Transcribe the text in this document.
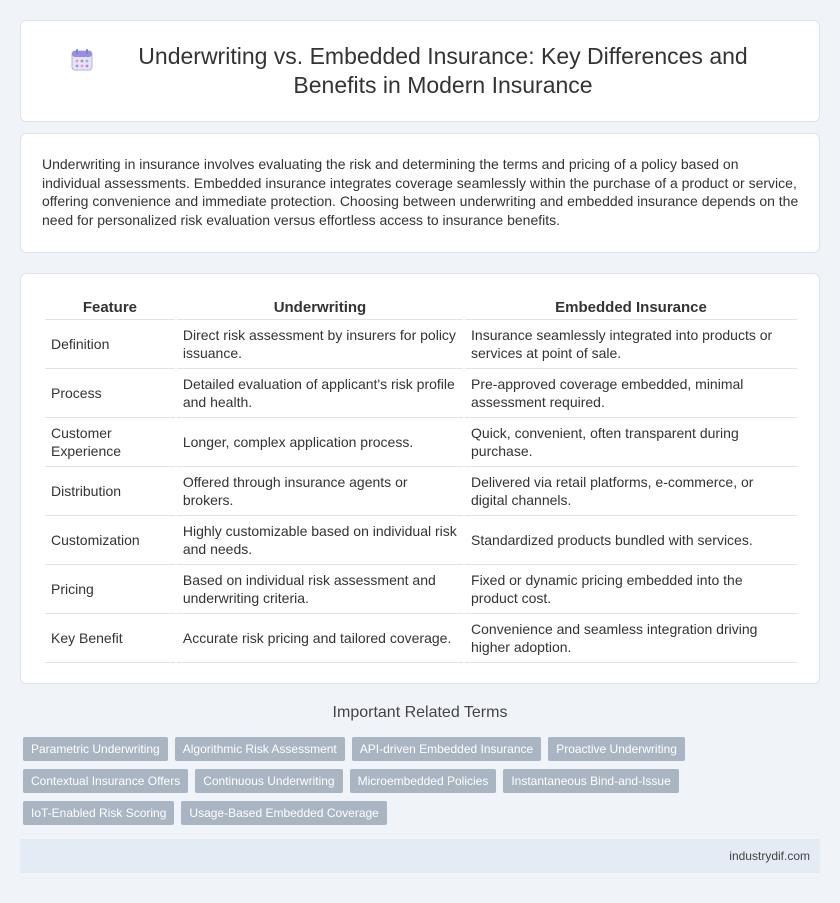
Underwriting vs. Embedded Insurance: Key Differences and Benefits in Modern Insurance

Underwriting in insurance involves evaluating the risk and determining the terms and pricing of a policy based on individual assessments. Embedded insurance integrates coverage seamlessly within the purchase of a product or service, offering convenience and immediate protection. Choosing between underwriting and embedded insurance depends on the need for personalized risk evaluation versus effortless access to insurance benefits.

Feature	Underwriting	Embedded Insurance
Definition	Direct risk assessment by insurers for policy issuance.	Insurance seamlessly integrated into products or services at point of sale.
Process	Detailed evaluation of applicant's risk profile and health.	Pre-approved coverage embedded, minimal assessment required.
Customer Experience	Longer, complex application process.	Quick, convenient, often transparent during purchase.
Distribution	Offered through insurance agents or brokers.	Delivered via retail platforms, e-commerce, or digital channels.
Customization	Highly customizable based on individual risk and needs.	Standardized products bundled with services.
Pricing	Based on individual risk assessment and underwriting criteria.	Fixed or dynamic pricing embedded into the product cost.
Key Benefit	Accurate risk pricing and tailored coverage.	Convenience and seamless integration driving higher adoption.
Important Related Terms
Parametric Underwriting	Algorithmic Risk Assessment	API-driven Embedded Insurance	Proactive Underwriting
Contextual Insurance Offers	Continuous Underwriting	Microembedded Policies	Instantaneous Bind-and-Issue
IoT-Enabled Risk Scoring	Usage-Based Embedded Coverage
industrydif.com
